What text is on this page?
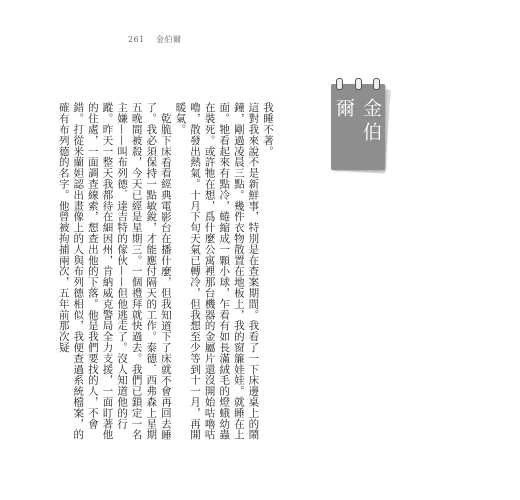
261 金伯爾
金伯爾

我睡不著。

這對我來說不是新鮮事，特別是在查案期間。我看了一下床邊桌上的鬧鐘，剛過凌晨三點。幾件衣物散置在地板上，我的窗簾娃娃。就睡在上面。牠看起來有點冷，蜷縮成一顆小球，乍看有如長滿絨毛的燈蛾幼蟲在裝死。或許牠在想，爲什麼公寓裡那台機器的金屬片還沒開始咕嚕咕嚕，散發出熱氣。十月下旬天氣已轉冷，但我想至少等到十一月，再開暖氣。

乾脆下床看看經典電影台在播什麼，但我知道下了床就不會再回去睡了。我必須保持一點敏銳，才能應付隔天的工作。泰德．西弗森上星期五晚間被殺，今天已經是星期三。一個禮拜就快過去。我們已鎖定一名主嫌——叫布列德．達吉特的傢伙——但他逃走了。沒人知道他的行蹤。昨天一整天我都待在細因州，肯納威克警局全力支援，一面盯著他的住處，一面調查線索，想查出他的下落。他是我們要找的人，不會錯。打從米蘭妲認出畫像上的人與布列德相似，我便查過系統檔案，的確有布列德的名字。他曾被拘捕兩次，五年前那次疑
